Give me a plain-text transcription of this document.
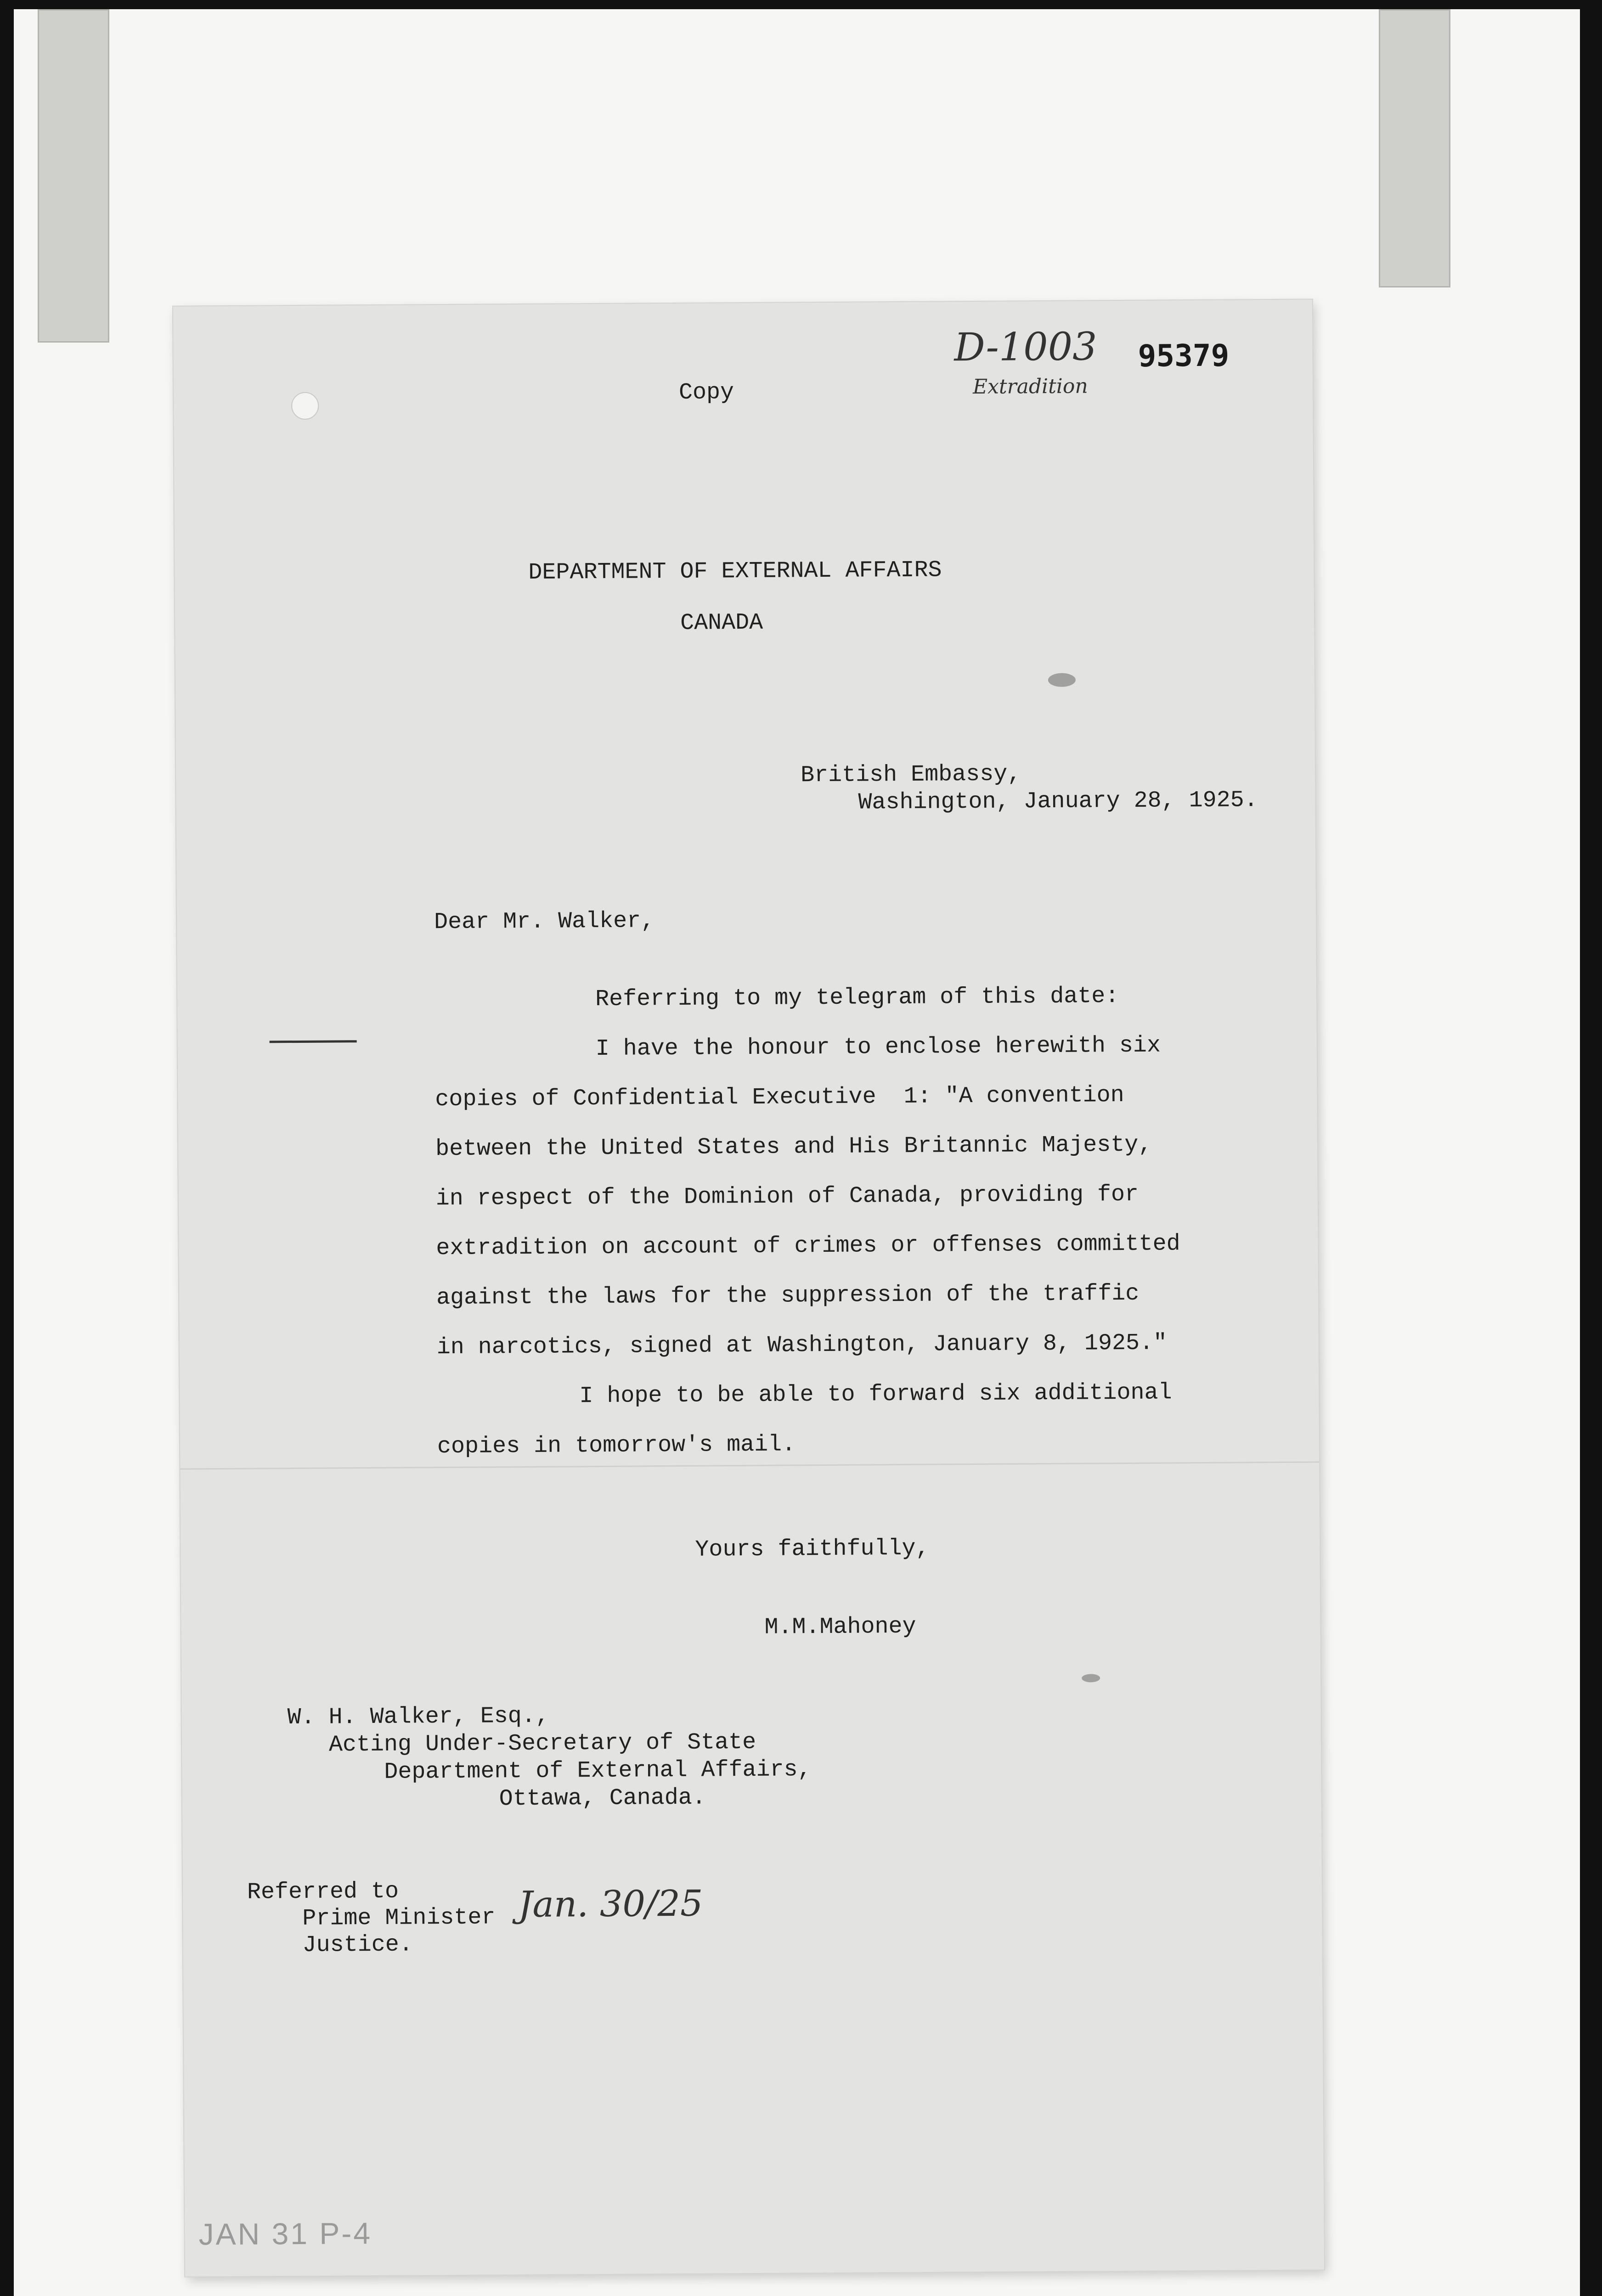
D-1003
Extradition
95379
Copy
DEPARTMENT OF EXTERNAL AFFAIRS
CANADA
British Embassy,
Washington, January 28, 1925.
Dear Mr. Walker,
Referring to my telegram of this date:
I have the honour to enclose herewith six
copies of Confidential Executive  1: "A convention
between the United States and His Britannic Majesty,
in respect of the Dominion of Canada, providing for
extradition on account of crimes or offenses committed
against the laws for the suppression of the traffic
in narcotics, signed at Washington, January 8, 1925."
I hope to be able to forward six additional
copies in tomorrow's mail.
Yours faithfully,
M.M.Mahoney
W. H. Walker, Esq.,
Acting Under-Secretary of State
Department of External Affairs,
Ottawa, Canada.
Referred to
Prime Minister
Justice.
Jan. 30/25
JAN 31 P-4
